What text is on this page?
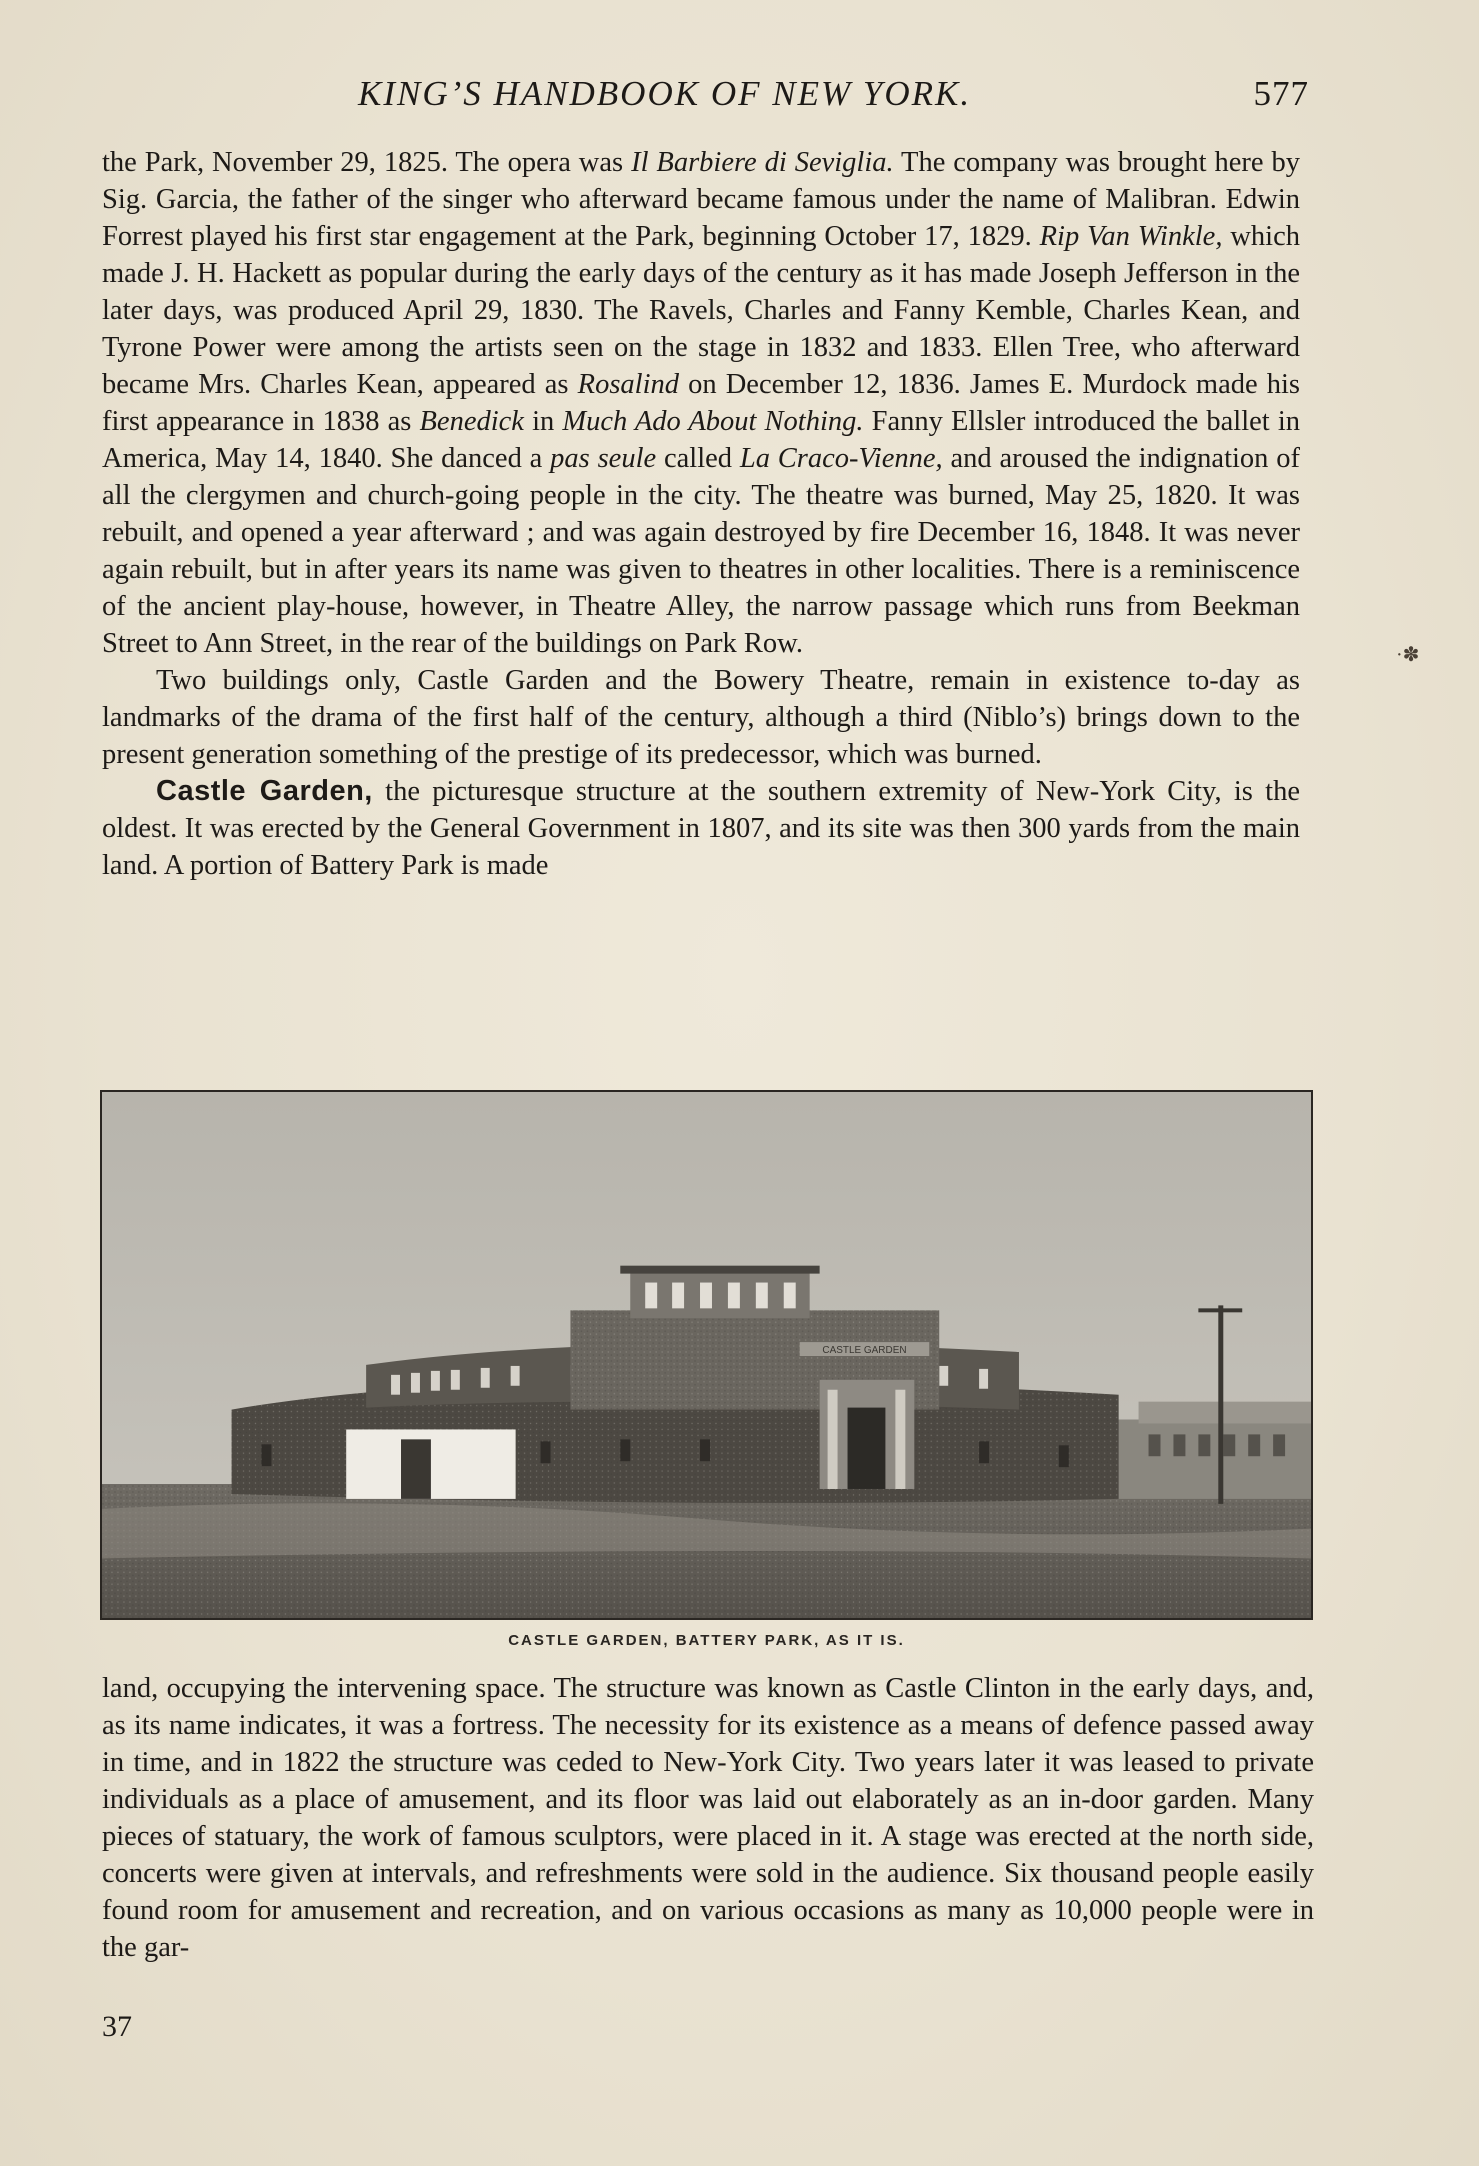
KING’S HANDBOOK OF NEW YORK.	577

the Park, November 29, 1825. The opera was Il Barbiere di Seviglia. The company was brought here by Sig. Garcia, the father of the singer who afterward became famous under the name of Malibran. Edwin Forrest played his first star engagement at the Park, beginning October 17, 1829. Rip Van Winkle, which made J. H. Hackett as popular during the early days of the century as it has made Joseph Jefferson in the later days, was produced April 29, 1830. The Ravels, Charles and Fanny Kemble, Charles Kean, and Tyrone Power were among the artists seen on the stage in 1832 and 1833. Ellen Tree, who afterward became Mrs. Charles Kean, appeared as Rosalind on December 12, 1836. James E. Murdock made his first appearance in 1838 as Benedick in Much Ado About Nothing. Fanny Ellsler introduced the ballet in America, May 14, 1840. She danced a pas seule called La Craco-Vienne, and aroused the indignation of all the clergymen and church-going people in the city. The theatre was burned, May 25, 1820. It was rebuilt, and opened a year afterward ; and was again destroyed by fire December 16, 1848. It was never again rebuilt, but in after years its name was given to theatres in other localities. There is a reminiscence of the ancient play-house, however, in Theatre Alley, the narrow passage which runs from Beekman Street to Ann Street, in the rear of the buildings on Park Row.

Two buildings only, Castle Garden and the Bowery Theatre, remain in existence to-day as landmarks of the drama of the first half of the century, although a third (Niblo’s) brings down to the present generation something of the prestige of its predecessor, which was burned.

Castle Garden, the picturesque structure at the southern extremity of New-York City, is the oldest. It was erected by the General Government in 1807, and its site was then 300 yards from the main land. A portion of Battery Park is made

CASTLE GARDEN
CASTLE GARDEN, BATTERY PARK, AS IT IS.

land, occupying the intervening space. The structure was known as Castle Clinton in the early days, and, as its name indicates, it was a fortress. The necessity for its existence as a means of defence passed away in time, and in 1822 the structure was ceded to New-York City. Two years later it was leased to private individuals as a place of amusement, and its floor was laid out elaborately as an in-door garden. Many pieces of statuary, the work of famous sculptors, were placed in it. A stage was erected at the north side, concerts were given at intervals, and refreshments were sold in the audience. Six thousand people easily found room for amusement and recreation, and on various occasions as many as 10,000 people were in the gar-

37
·✽
